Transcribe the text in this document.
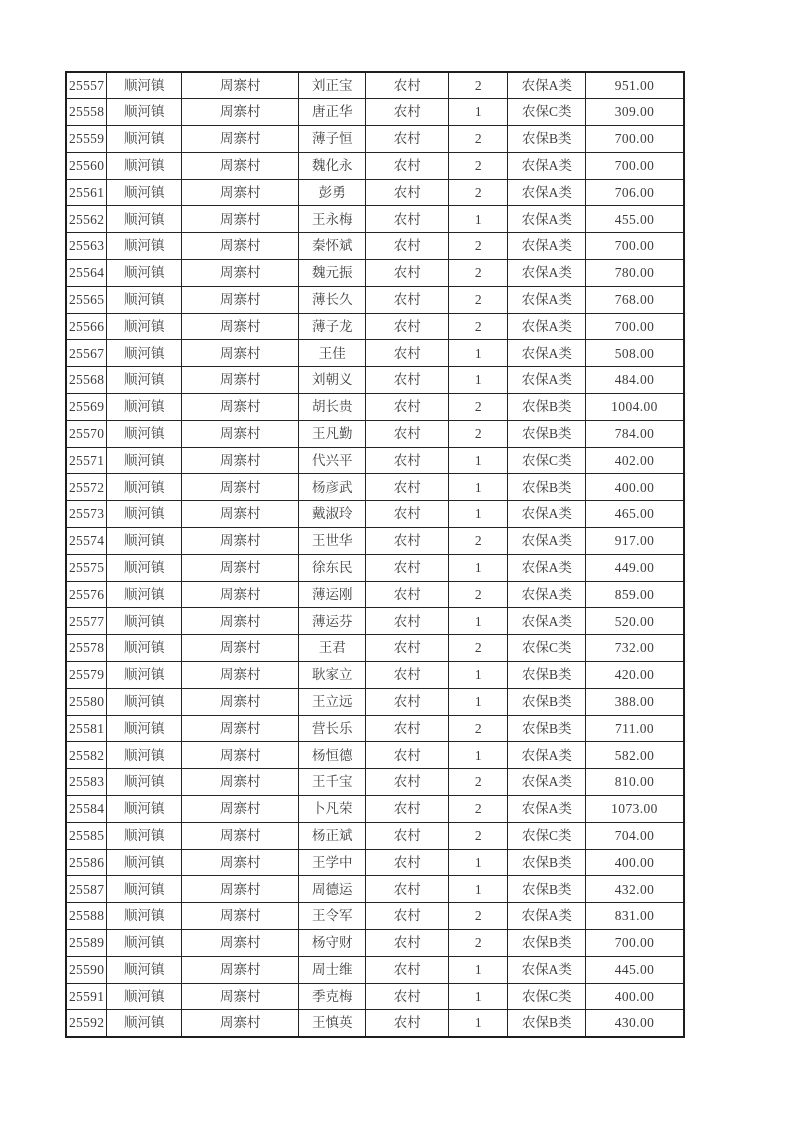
25557	顺河镇	周寨村	刘正宝	农村	2	农保A类	951.00
25558	顺河镇	周寨村	唐正华	农村	1	农保C类	309.00
25559	顺河镇	周寨村	薄子恒	农村	2	农保B类	700.00
25560	顺河镇	周寨村	魏化永	农村	2	农保A类	700.00
25561	顺河镇	周寨村	彭勇	农村	2	农保A类	706.00
25562	顺河镇	周寨村	王永梅	农村	1	农保A类	455.00
25563	顺河镇	周寨村	秦怀斌	农村	2	农保A类	700.00
25564	顺河镇	周寨村	魏元振	农村	2	农保A类	780.00
25565	顺河镇	周寨村	薄长久	农村	2	农保A类	768.00
25566	顺河镇	周寨村	薄子龙	农村	2	农保A类	700.00
25567	顺河镇	周寨村	王佳	农村	1	农保A类	508.00
25568	顺河镇	周寨村	刘朝义	农村	1	农保A类	484.00
25569	顺河镇	周寨村	胡长贵	农村	2	农保B类	1004.00
25570	顺河镇	周寨村	王凡勤	农村	2	农保B类	784.00
25571	顺河镇	周寨村	代兴平	农村	1	农保C类	402.00
25572	顺河镇	周寨村	杨彦武	农村	1	农保B类	400.00
25573	顺河镇	周寨村	戴淑玲	农村	1	农保A类	465.00
25574	顺河镇	周寨村	王世华	农村	2	农保A类	917.00
25575	顺河镇	周寨村	徐东民	农村	1	农保A类	449.00
25576	顺河镇	周寨村	薄运刚	农村	2	农保A类	859.00
25577	顺河镇	周寨村	薄运芬	农村	1	农保A类	520.00
25578	顺河镇	周寨村	王君	农村	2	农保C类	732.00
25579	顺河镇	周寨村	耿家立	农村	1	农保B类	420.00
25580	顺河镇	周寨村	王立远	农村	1	农保B类	388.00
25581	顺河镇	周寨村	营长乐	农村	2	农保B类	711.00
25582	顺河镇	周寨村	杨恒德	农村	1	农保A类	582.00
25583	顺河镇	周寨村	王千宝	农村	2	农保A类	810.00
25584	顺河镇	周寨村	卜凡荣	农村	2	农保A类	1073.00
25585	顺河镇	周寨村	杨正斌	农村	2	农保C类	704.00
25586	顺河镇	周寨村	王学中	农村	1	农保B类	400.00
25587	顺河镇	周寨村	周德运	农村	1	农保B类	432.00
25588	顺河镇	周寨村	王令军	农村	2	农保A类	831.00
25589	顺河镇	周寨村	杨守财	农村	2	农保B类	700.00
25590	顺河镇	周寨村	周士维	农村	1	农保A类	445.00
25591	顺河镇	周寨村	季克梅	农村	1	农保C类	400.00
25592	顺河镇	周寨村	王慎英	农村	1	农保B类	430.00
